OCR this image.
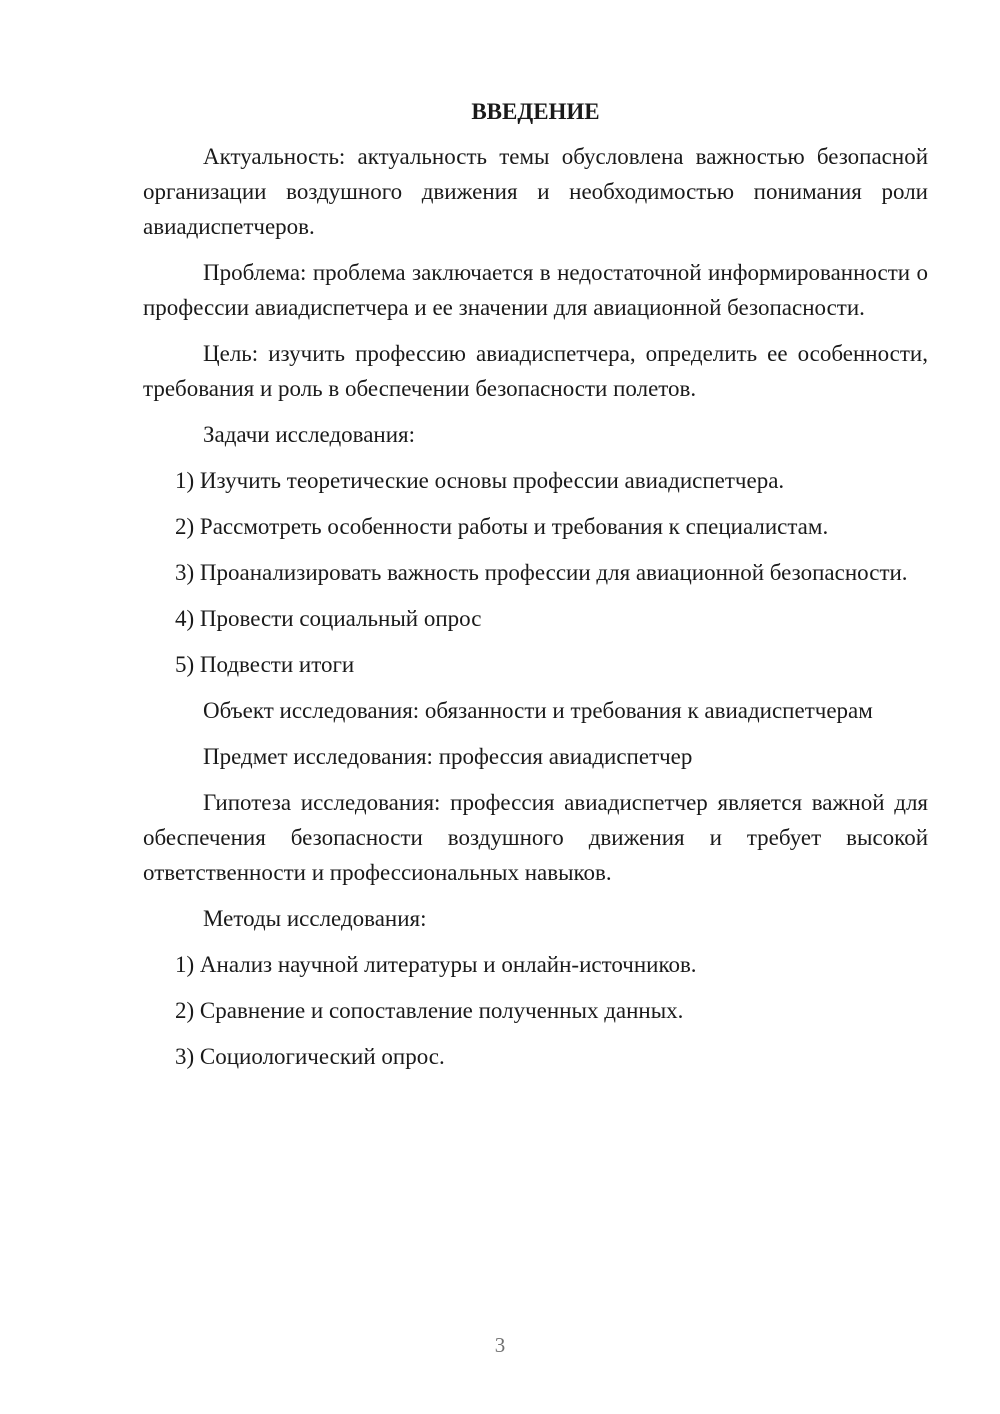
ВВЕДЕНИЕ

Актуальность: актуальность темы обусловлена важностью безопасной организации воздушного движения и необходимостью понимания роли авиадиспетчеров.

Проблема: проблема заключается в недостаточной информированности о профессии авиадиспетчера и ее значении для авиационной безопасности.

Цель: изучить профессию авиадиспетчера, определить ее особенности, требования и роль в обеспечении безопасности полетов.

Задачи исследования:

1) Изучить теоретические основы профессии авиадиспетчера.

2) Рассмотреть особенности работы и требования к специалистам.

3) Проанализировать важность профессии для авиационной безопасности.

4) Провести социальный опрос

5) Подвести итоги

Объект исследования: обязанности и требования к авиадиспетчерам

Предмет исследования: профессия авиадиспетчер

Гипотеза исследования: профессия авиадиспетчер является важной для обеспечения безопасности воздушного движения и требует высокой ответственности и профессиональных навыков.

Методы исследования:

1) Анализ научной литературы и онлайн-источников.

2) Сравнение и сопоставление полученных данных.

3) Социологический опрос.

3
